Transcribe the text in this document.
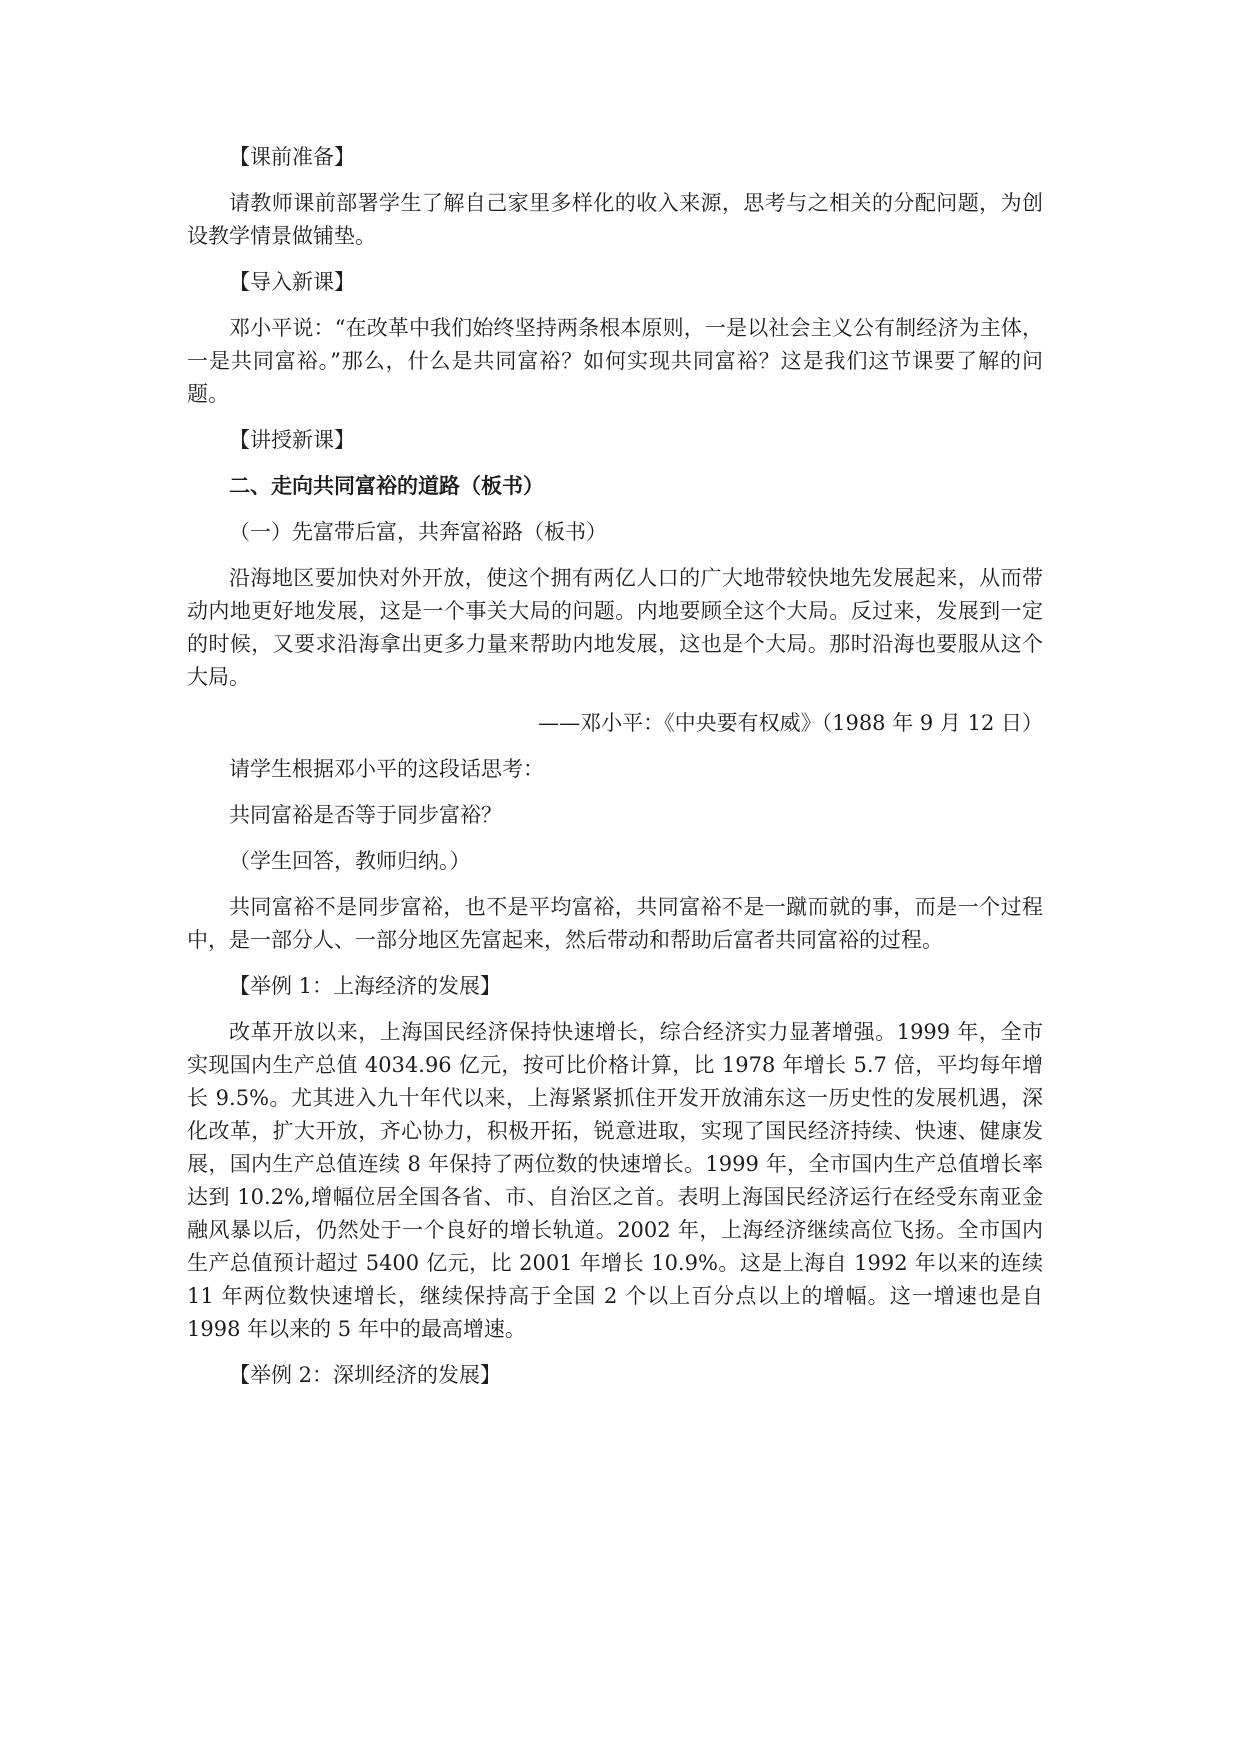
【课前准备】
请教师课前部署学生了解自己家里多样化的收入来源，思考与之相关的分配问题，为创设教学情景做铺垫。
【导入新课】
邓小平说：“在改革中我们始终坚持两条根本原则，一是以社会主义公有制经济为主体，一是共同富裕。”那么，什么是共同富裕？如何实现共同富裕？这是我们这节课要了解的问题。
【讲授新课】
二、走向共同富裕的道路（板书）
（一）先富带后富，共奔富裕路（板书）
沿海地区要加快对外开放，使这个拥有两亿人口的广大地带较快地先发展起来，从而带动内地更好地发展，这是一个事关大局的问题。内地要顾全这个大局。反过来，发展到一定的时候，又要求沿海拿出更多力量来帮助内地发展，这也是个大局。那时沿海也要服从这个大局。
——邓小平：《中央要有权威》（1988 年 9 月 12 日）
请学生根据邓小平的这段话思考：
共同富裕是否等于同步富裕？
（学生回答，教师归纳。）
共同富裕不是同步富裕，也不是平均富裕，共同富裕不是一蹴而就的事，而是一个过程中，是一部分人、一部分地区先富起来，然后带动和帮助后富者共同富裕的过程。
【举例 1：上海经济的发展】
改革开放以来，上海国民经济保持快速增长，综合经济实力显著增强。1999 年，全市实现国内生产总值 4034.96 亿元，按可比价格计算，比 1978 年增长 5.7 倍，平均每年增长 9.5%。尤其进入九十年代以来，上海紧紧抓住开发开放浦东这一历史性的发展机遇，深化改革，扩大开放，齐心协力，积极开拓，锐意进取，实现了国民经济持续、快速、健康发展，国内生产总值连续 8 年保持了两位数的快速增长。1999 年，全市国内生产总值增长率达到 10.2%,增幅位居全国各省、市、自治区之首。表明上海国民经济运行在经受东南亚金融风暴以后，仍然处于一个良好的增长轨道。2002 年，上海经济继续高位飞扬。全市国内生产总值预计超过 5400 亿元，比 2001 年增长 10.9%。这是上海自 1992 年以来的连续 11 年两位数快速增长，继续保持高于全国 2 个以上百分点以上的增幅。这一增速也是自 1998 年以来的 5 年中的最高增速。
【举例 2：深圳经济的发展】
